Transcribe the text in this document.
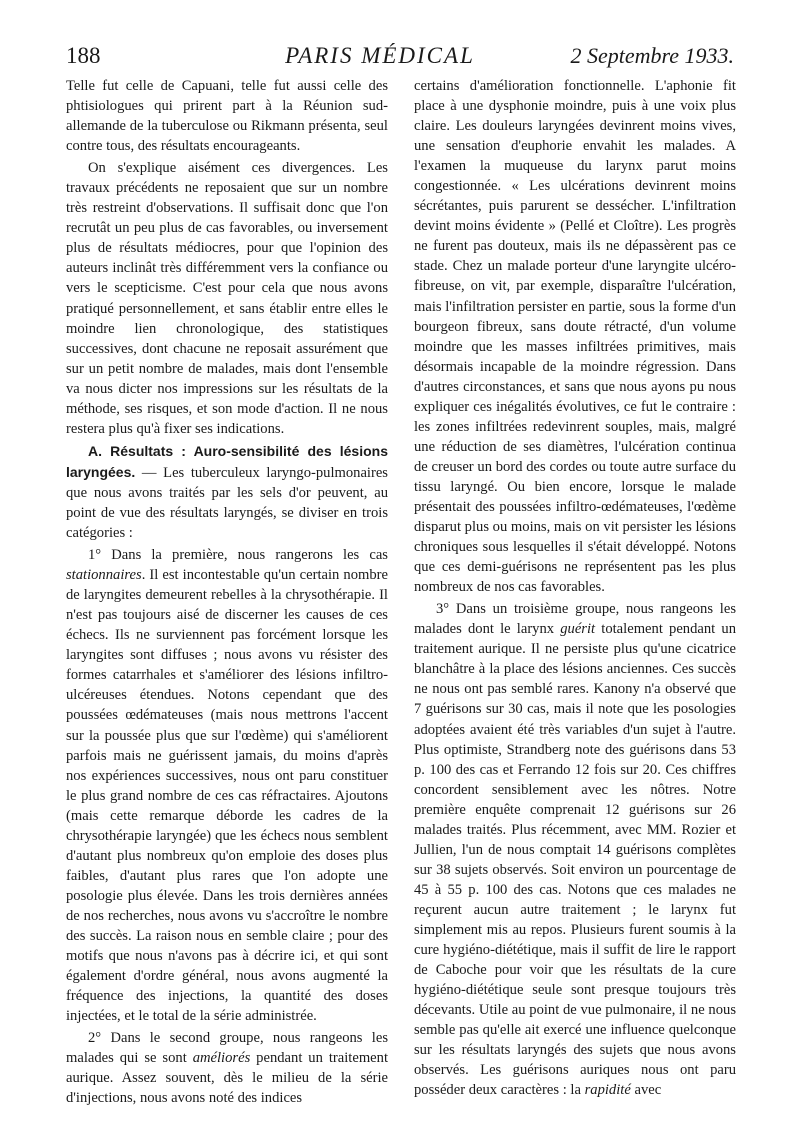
188	PARIS MÉDICAL	2 Septembre 1933.

Telle fut celle de Capuani, telle fut aussi celle des phtisiologues qui prirent part à la Réunion sud-allemande de la tuberculose ou Rikmann présenta, seul contre tous, des résultats encourageants.

On s'explique aisément ces divergences. Les travaux précédents ne reposaient que sur un nombre très restreint d'observations. Il suffisait donc que l'on recrutât un peu plus de cas favorables, ou inversement plus de résultats médiocres, pour que l'opinion des auteurs inclinât très différemment vers la confiance ou vers le scepticisme. C'est pour cela que nous avons pratiqué personnellement, et sans établir entre elles le moindre lien chronologique, des statistiques successives, dont chacune ne reposait assurément que sur un petit nombre de malades, mais dont l'ensemble va nous dicter nos impressions sur les résultats de la méthode, ses risques, et son mode d'action. Il ne nous restera plus qu'à fixer ses indications.

A. Résultats : Auro-sensibilité des lésions laryngées. — Les tuberculeux laryngo-pulmonaires que nous avons traités par les sels d'or peuvent, au point de vue des résultats laryngés, se diviser en trois catégories :

1° Dans la première, nous rangerons les cas stationnaires. Il est incontestable qu'un certain nombre de laryngites demeurent rebelles à la chrysothérapie. Il n'est pas toujours aisé de discerner les causes de ces échecs. Ils ne surviennent pas forcément lorsque les laryngites sont diffuses ; nous avons vu résister des formes catarrhales et s'améliorer des lésions infiltro-ulcéreuses étendues. Notons cependant que des poussées œdémateuses (mais nous mettrons l'accent sur la poussée plus que sur l'œdème) qui s'améliorent parfois mais ne guérissent jamais, du moins d'après nos expériences successives, nous ont paru constituer le plus grand nombre de ces cas réfractaires. Ajoutons (mais cette remarque déborde les cadres de la chrysothérapie laryngée) que les échecs nous semblent d'autant plus nombreux qu'on emploie des doses plus faibles, d'autant plus rares que l'on adopte une posologie plus élevée. Dans les trois dernières années de nos recherches, nous avons vu s'accroître le nombre des succès. La raison nous en semble claire ; pour des motifs que nous n'avons pas à décrire ici, et qui sont également d'ordre général, nous avons augmenté la fréquence des injections, la quantité des doses injectées, et le total de la série administrée.

2° Dans le second groupe, nous rangeons les malades qui se sont améliorés pendant un traitement aurique. Assez souvent, dès le milieu de la série d'injections, nous avons noté des indices

certains d'amélioration fonctionnelle. L'aphonie fit place à une dysphonie moindre, puis à une voix plus claire. Les douleurs laryngées devinrent moins vives, une sensation d'euphorie envahit les malades. A l'examen la muqueuse du larynx parut moins congestionnée. « Les ulcérations devinrent moins sécrétantes, puis parurent se dessécher. L'infiltration devint moins évidente » (Pellé et Cloître). Les progrès ne furent pas douteux, mais ils ne dépassèrent pas ce stade. Chez un malade porteur d'une laryngite ulcéro-fibreuse, on vit, par exemple, disparaître l'ulcération, mais l'infiltration persister en partie, sous la forme d'un bourgeon fibreux, sans doute rétracté, d'un volume moindre que les masses infiltrées primitives, mais désormais incapable de la moindre régression. Dans d'autres circonstances, et sans que nous ayons pu nous expliquer ces inégalités évolutives, ce fut le contraire : les zones infiltrées redevinrent souples, mais, malgré une réduction de ses diamètres, l'ulcération continua de creuser un bord des cordes ou toute autre surface du tissu laryngé. Ou bien encore, lorsque le malade présentait des poussées infiltro-œdémateuses, l'œdème disparut plus ou moins, mais on vit persister les lésions chroniques sous lesquelles il s'était développé. Notons que ces demi-guérisons ne représentent pas les plus nombreux de nos cas favorables.

3° Dans un troisième groupe, nous rangeons les malades dont le larynx guérit totalement pendant un traitement aurique. Il ne persiste plus qu'une cicatrice blanchâtre à la place des lésions anciennes. Ces succès ne nous ont pas semblé rares. Kanony n'a observé que 7 guérisons sur 30 cas, mais il note que les posologies adoptées avaient été très variables d'un sujet à l'autre. Plus optimiste, Strandberg note des guérisons dans 53 p. 100 des cas et Ferrando 12 fois sur 20. Ces chiffres concordent sensiblement avec les nôtres. Notre première enquête comprenait 12 guérisons sur 26 malades traités. Plus récemment, avec MM. Rozier et Jullien, l'un de nous comptait 14 guérisons complètes sur 38 sujets observés. Soit environ un pourcentage de 45 à 55 p. 100 des cas. Notons que ces malades ne reçurent aucun autre traitement ; le larynx fut simplement mis au repos. Plusieurs furent soumis à la cure hygiéno-diététique, mais il suffit de lire le rapport de Caboche pour voir que les résultats de la cure hygiéno-diététique seule sont presque toujours très décevants. Utile au point de vue pulmonaire, il ne nous semble pas qu'elle ait exercé une influence quelconque sur les résultats laryngés des sujets que nous avons observés. Les guérisons auriques nous ont paru posséder deux caractères : la rapidité avec
